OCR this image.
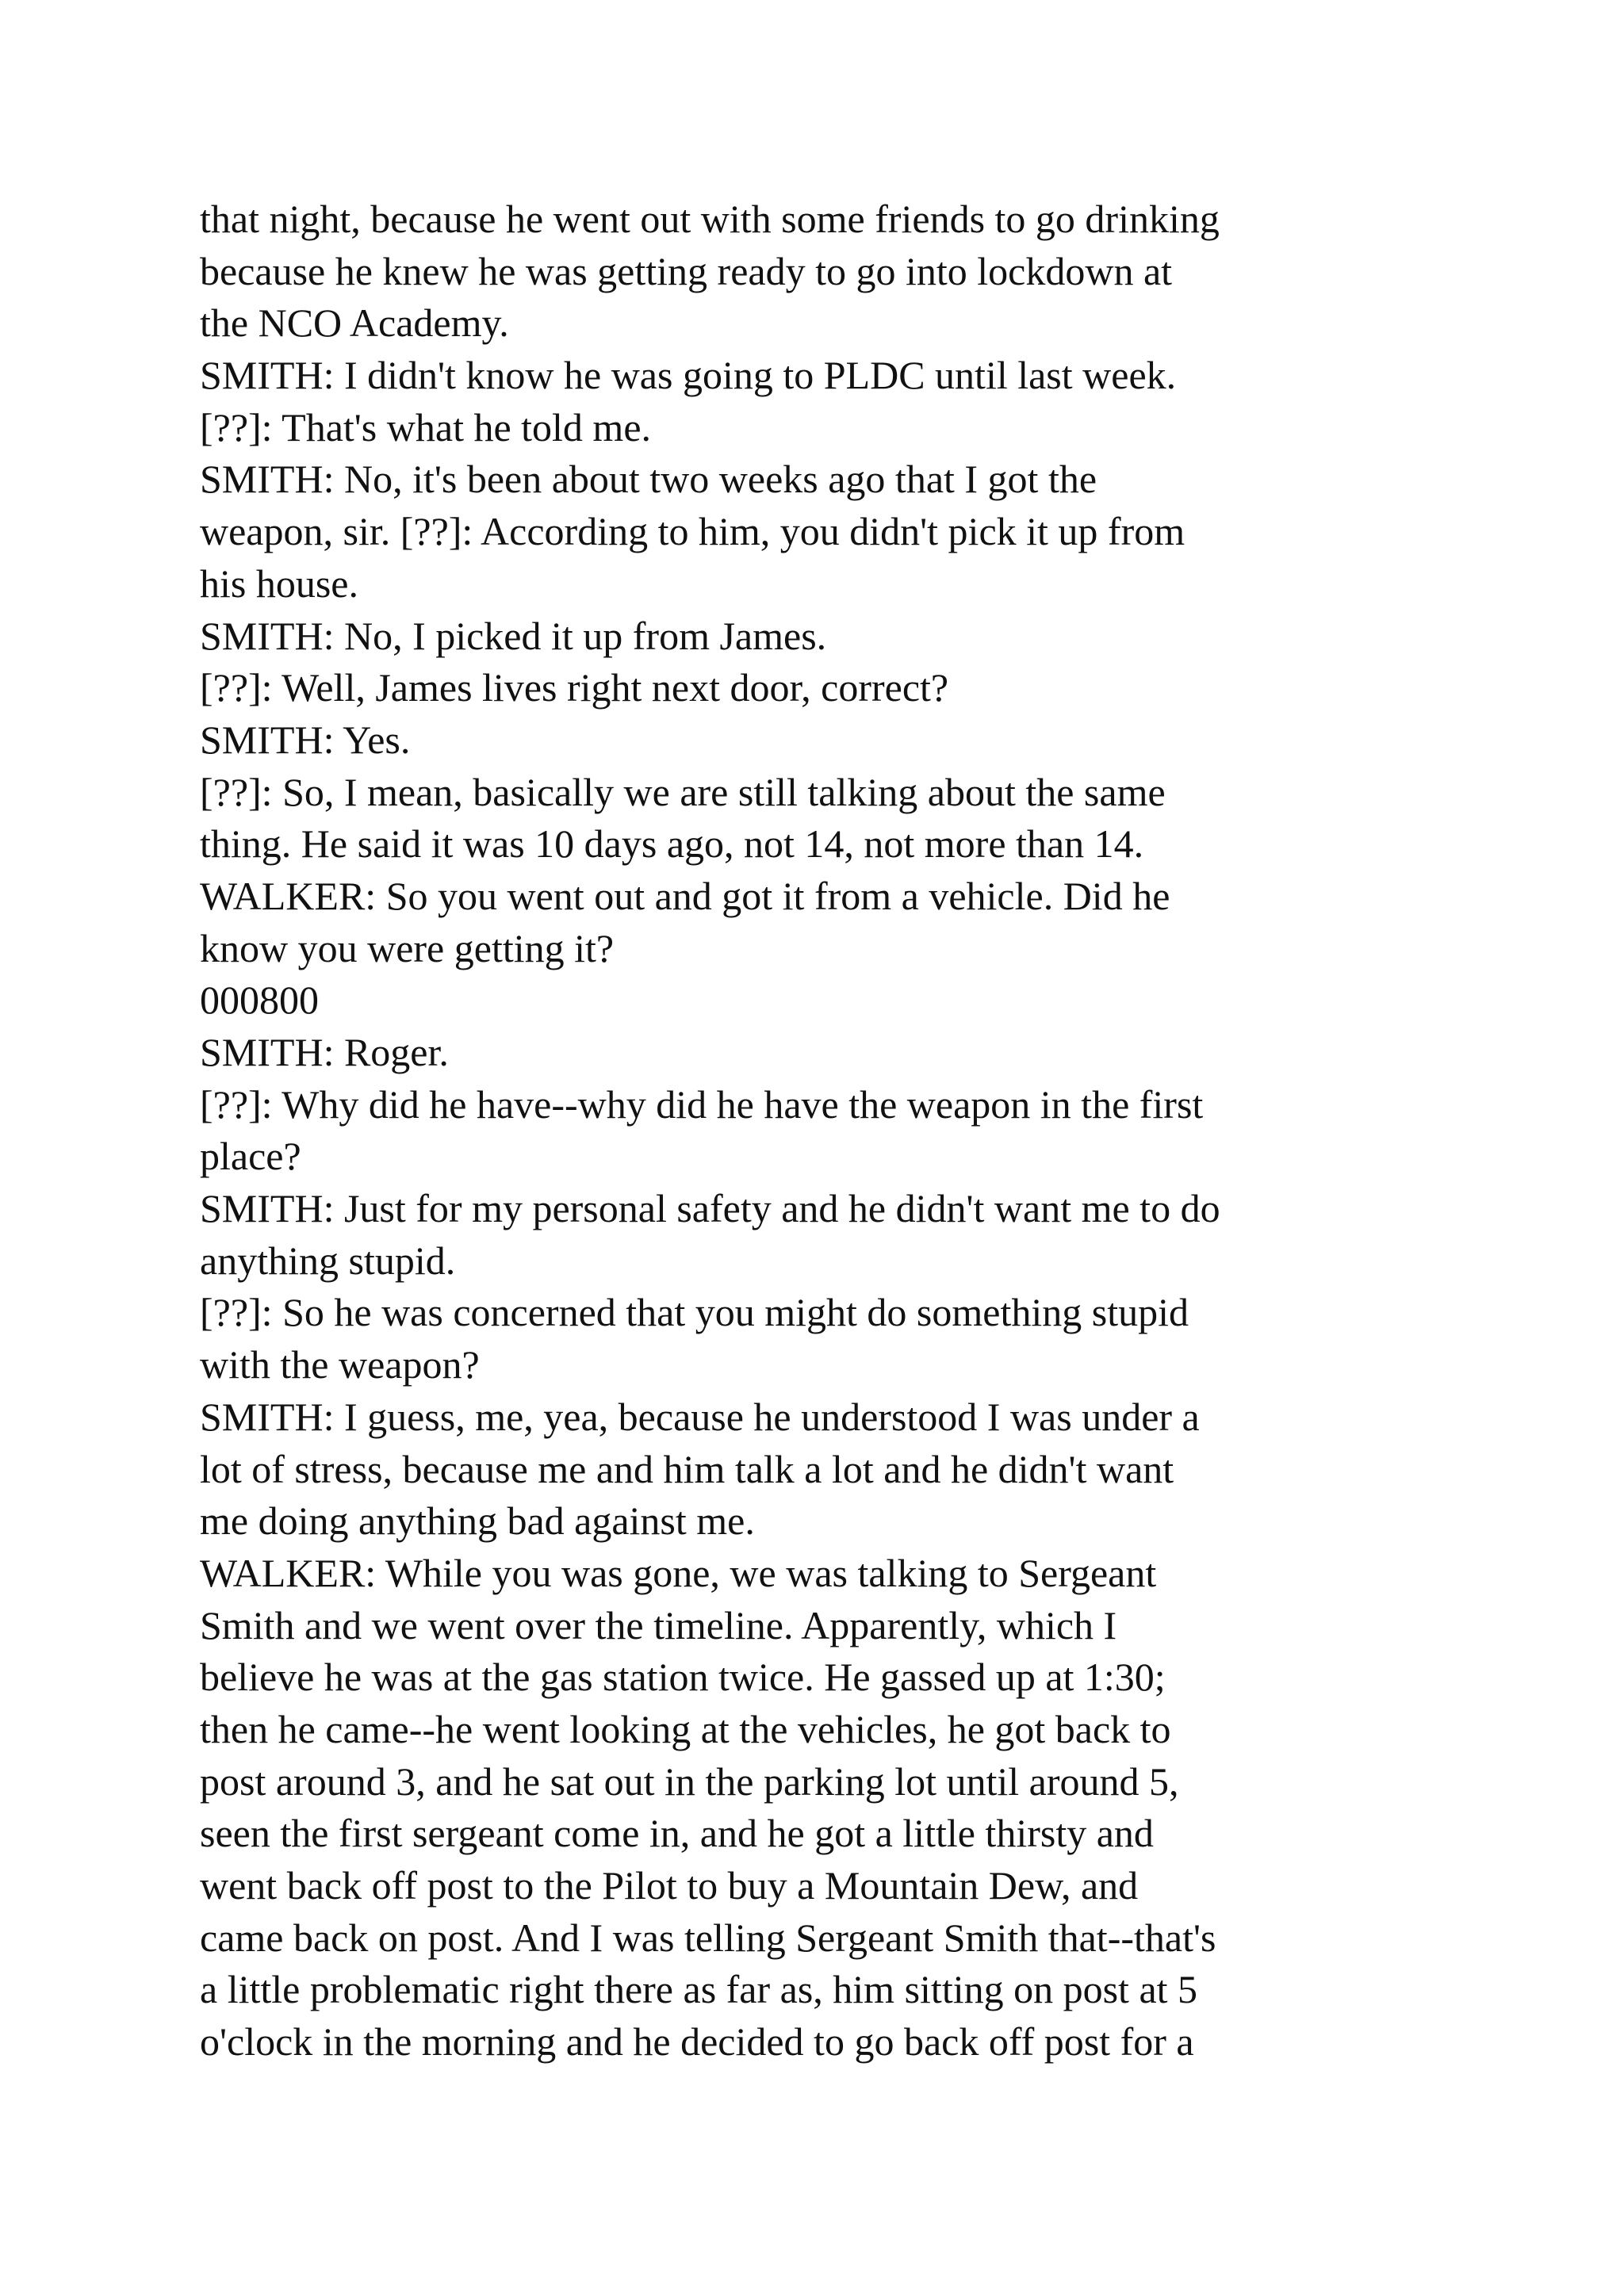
that night, because he went out with some friends to go drinking
because he knew he was getting ready to go into lockdown at
the NCO Academy.
SMITH: I didn't know he was going to PLDC until last week.
[??]: That's what he told me.
SMITH: No, it's been about two weeks ago that I got the
weapon, sir. [??]: According to him, you didn't pick it up from
his house.
SMITH: No, I picked it up from James.
[??]: Well, James lives right next door, correct?
SMITH: Yes.
[??]: So, I mean, basically we are still talking about the same
thing. He said it was 10 days ago, not 14, not more than 14.
WALKER: So you went out and got it from a vehicle. Did he
know you were getting it?
000800
SMITH: Roger.
[??]: Why did he have--why did he have the weapon in the first
place?
SMITH: Just for my personal safety and he didn't want me to do
anything stupid.
[??]: So he was concerned that you might do something stupid
with the weapon?
SMITH: I guess, me, yea, because he understood I was under a
lot of stress, because me and him talk a lot and he didn't want
me doing anything bad against me.
WALKER: While you was gone, we was talking to Sergeant
Smith and we went over the timeline. Apparently, which I
believe he was at the gas station twice. He gassed up at 1:30;
then he came--he went looking at the vehicles, he got back to
post around 3, and he sat out in the parking lot until around 5,
seen the first sergeant come in, and he got a little thirsty and
went back off post to the Pilot to buy a Mountain Dew, and
came back on post. And I was telling Sergeant Smith that--that's
a little problematic right there as far as, him sitting on post at 5
o'clock in the morning and he decided to go back off post for a
